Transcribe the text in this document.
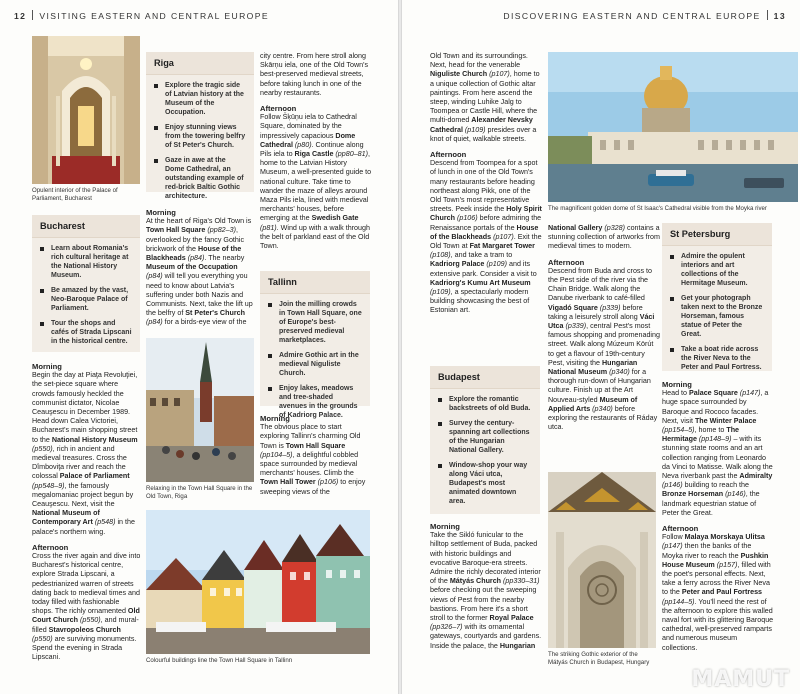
12 VISITING EASTERN AND CENTRAL EUROPE
Opulent interior of the Palace of Parliament, Bucharest
Bucharest
Learn about Romania's rich cultural heritage at the National History Museum.
Be amazed by the vast, Neo-Baroque Palace of Parliament.
Tour the shops and cafés of Strada Lipscani in the historical centre.

Morning
Begin the day at Piaţa Revoluţiei, the set-piece square where crowds famously heckled the communist dictator, Nicolae Ceauşescu in December 1989. Head down Calea Victoriei, Bucharest's main shopping street to the National History Museum (p550), rich in ancient and medieval treasures. Cross the Dîmboviţa river and reach the colossal Palace of Parliament (pp548–9), the famously megalomaniac project begun by Ceauşescu. Next, visit the National Museum of Contemporary Art (p548) in the palace's northern wing.

Afternoon
Cross the river again and dive into Bucharest's historical centre, explore Strada Lipscani, a pedestrianized warren of streets dating back to medieval times and today filled with fashionable shops. The richly ornamented Old Court Church (p550), and mural-filled Stavropoleos Church (p550) are surviving monuments. Spend the evening in Strada Lipscani.

Riga
Explore the tragic side of Latvian history at the Museum of the Occupation.
Enjoy stunning views from the towering belfry of St Peter's Church.
Gaze in awe at the Dome Cathedral, an outstanding example of red-brick Baltic Gothic architecture.

Morning
At the heart of Riga's Old Town is Town Hall Square (pp82–3), overlooked by the fancy Gothic brickwork of the House of the Blackheads (p84). The nearby Museum of the Occupation (p84) will tell you everything you need to know about Latvia's suffering under both Nazis and Communists. Next, take the lift up the belfry of St Peter's Church (p84) for a birds-eye view of the

Relaxing in the Town Hall Square in the Old Town, Riga

city centre. From here stroll along Skārņu iela, one of the Old Town's best-preserved medieval streets, before taking lunch in one of the nearby restaurants.

Afternoon
Follow Šķūņu iela to Cathedral Square, dominated by the impressively capacious Dome Cathedral (p80). Continue along Pils iela to Riga Castle (pp80–81), home to the Latvian History Museum, a well-presented guide to national culture. Take time to wander the maze of alleys around Maza Pils iela, lined with medieval merchants' houses, before emerging at the Swedish Gate (p81). Wind up with a walk through the belt of parkland east of the Old Town.

Tallinn
Join the milling crowds in Town Hall Square, one of Europe's best-preserved medieval marketplaces.
Admire Gothic art in the medieval Niguliste Church.
Enjoy lakes, meadows and tree-shaded avenues in the grounds of Kadriorg Palace.

Morning
The obvious place to start exploring Tallinn's charming Old Town is Town Hall Square (pp104–5), a delightful cobbled space surrounded by medieval merchants' houses. Climb the Town Hall Tower (p106) to enjoy sweeping views of the

Colourful buildings line the Town Hall Square in Tallinn
DISCOVERING EASTERN AND CENTRAL EUROPE 13

Old Town and its surroundings. Next, head for the venerable Niguliste Church (p107), home to a unique collection of Gothic altar paintings. From here ascend the steep, winding Luhike Jalg to Toompea or Castle Hill, where the multi-domed Alexander Nevsky Cathedral (p109) presides over a knot of quiet, walkable streets.

Afternoon
Descend from Toompea for a spot of lunch in one of the Old Town's many restaurants before heading northeast along Pikk, one of the Old Town's most representative streets. Peek inside the Holy Spirit Church (p106) before admiring the Renaissance portals of the House of the Blackheads (p107). Exit the Old Town at Fat Margaret Tower (p108), and take a tram to Kadriorg Palace (p109) and its extensive park. Consider a visit to Kadriorg's Kumu Art Museum (p109), a spectacularly modern building showcasing the best of Estonian art.

Budapest
Explore the romantic backstreets of old Buda.
Survey the century-spanning art collections of the Hungarian National Gallery.
Window-shop your way along Váci utca, Budapest's most animated downtown area.

Morning
Take the Sikló funicular to the hilltop settlement of Buda, packed with historic buildings and evocative Baroque-era streets. Admire the richly decorated interior of the Mátyás Church (pp330–31) before checking out the sweeping views of Pest from the nearby bastions. From here it's a short stroll to the former Royal Palace (pp326–7) with its ornamental gateways, courtyards and gardens. Inside the palace, the Hungarian

The magnificent golden dome of St Isaac's Cathedral visible from the Moyka river

National Gallery (p328) contains a stunning collection of artworks from medieval times to modern.

Afternoon
Descend from Buda and cross to the Pest side of the river via the Chain Bridge. Walk along the Danube riverbank to café-filled Vigadó Square (p339) before taking a leisurely stroll along Váci Utca (p339), central Pest's most famous shopping and promenading street. Walk along Múzeum Körút to get a flavour of 19th-century Pest, visiting the Hungarian National Museum (p340) for a thorough run-down of Hungarian culture. Finish up at the Art Nouveau-styled Museum of Applied Arts (p340) before exploring the restaurants of Ráday utca.

The striking Gothic exterior of the Mátyás Church in Budapest, Hungary
St Petersburg
Admire the opulent interiors and art collections of the Hermitage Museum.
Get your photograph taken next to the Bronze Horseman, famous statue of Peter the Great.
Take a boat ride across the River Neva to the Peter and Paul Fortress.

Morning
Head to Palace Square (p147), a huge space surrounded by Baroque and Rococo facades. Next, visit The Winter Palace (pp154–5), home to The Hermitage (pp148–9) – with its stunning state rooms and an art collection ranging from Leonardo da Vinci to Matisse. Walk along the Neva riverbank past the Admiralty (p146) building to reach the Bronze Horseman (p146), the landmark equestrian statue of Peter the Great.

Afternoon
Follow Malaya Morskaya Ulitsa (p147) then the banks of the Moyka river to reach the Pushkin House Museum (p157), filled with the poet's personal effects. Next, take a ferry across the River Neva to the Peter and Paul Fortress (pp144–5). You'll need the rest of the afternoon to explore this walled naval fort with its glittering Baroque cathedral, well-preserved ramparts and numerous museum collections.

MAMUT
